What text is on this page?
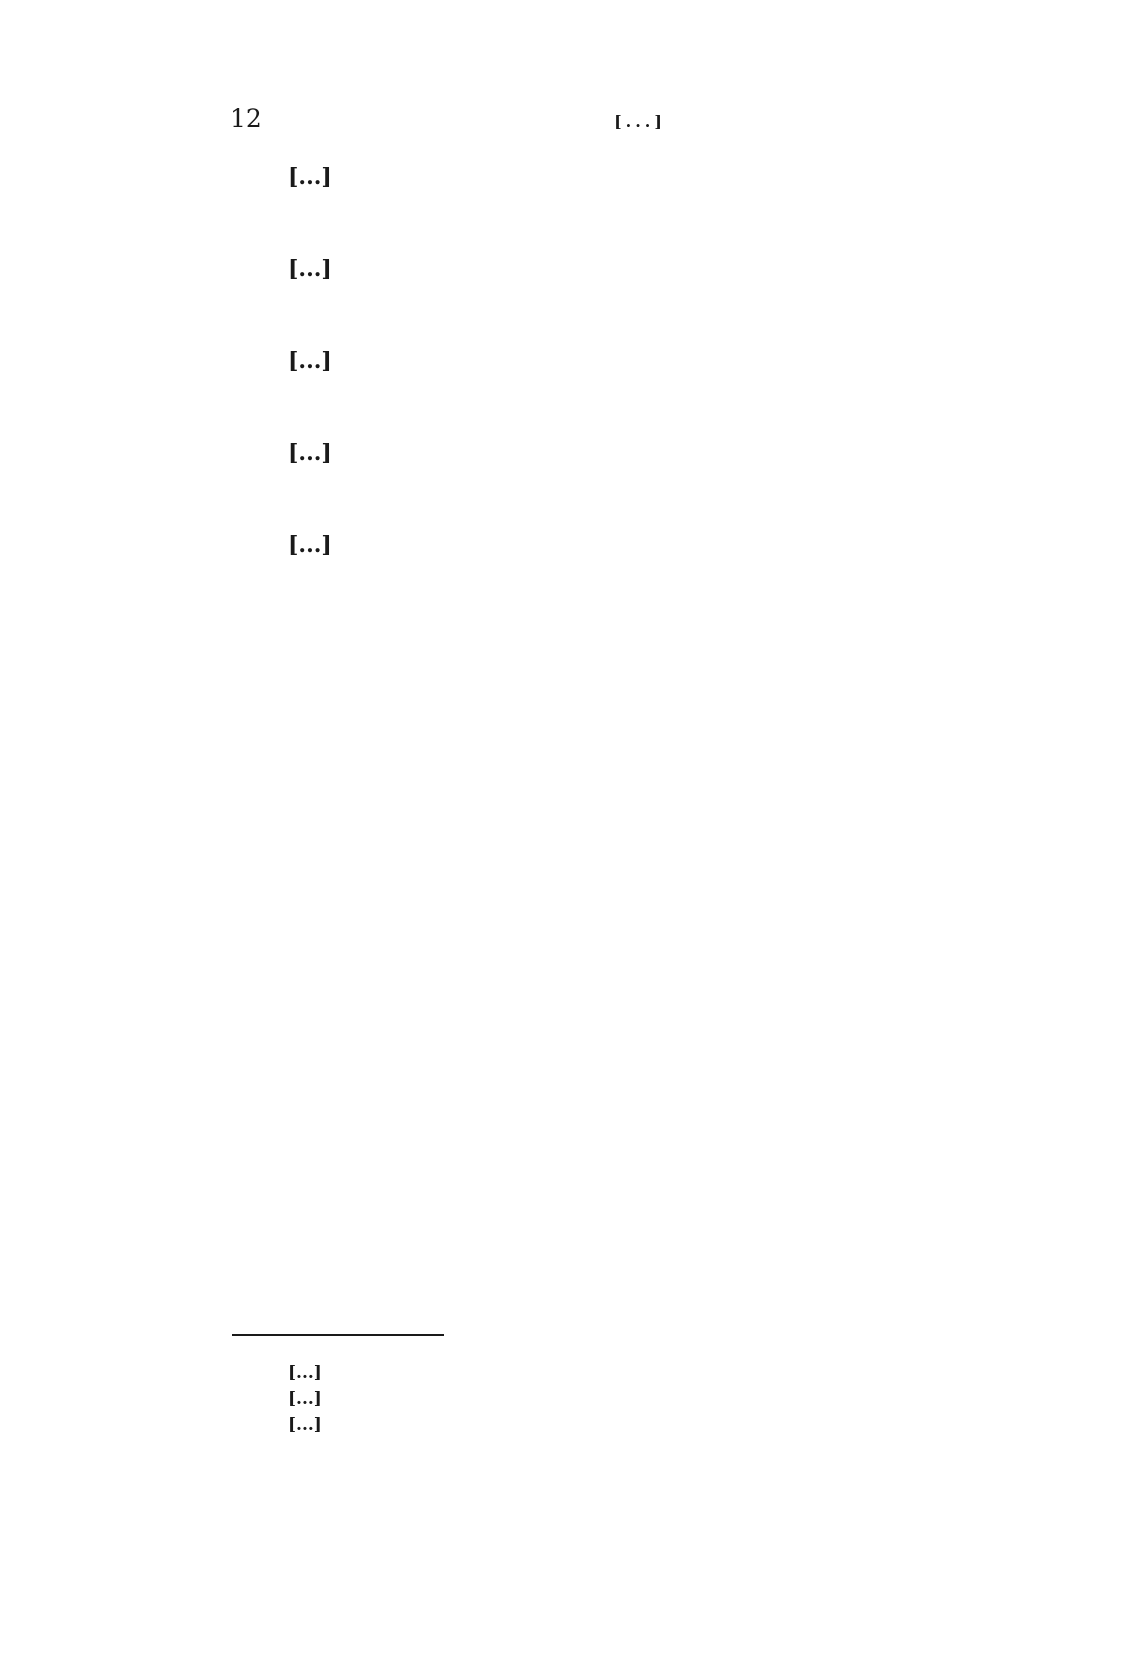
12	[...]

[...]

[...]

[...]

[...]

[...]

[...]

[...]

[...]
